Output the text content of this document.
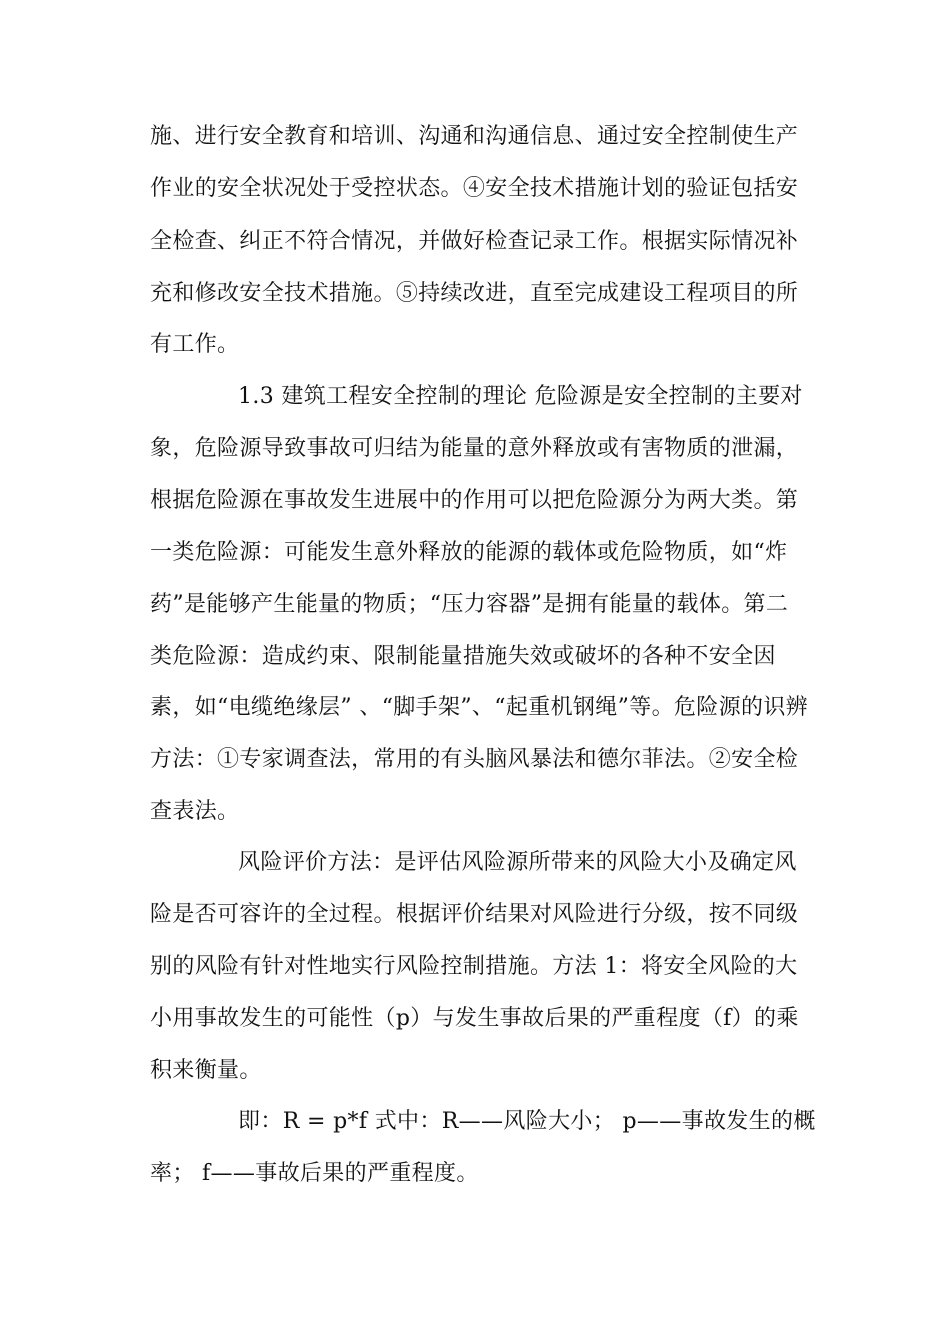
施、进行安全教育和培训、沟通和沟通信息、通过安全控制使生产
作业的安全状况处于受控状态。④安全技术措施计划的验证包括安
全检查、纠正不符合情况，并做好检查记录工作。根据实际情况补
充和修改安全技术措施。⑤持续改进，直至完成建设工程项目的所
有工作。
1.3 建筑工程安全控制的理论 危险源是安全控制的主要对
象，危险源导致事故可归结为能量的意外释放或有害物质的泄漏，
根据危险源在事故发生进展中的作用可以把危险源分为两大类。第
一类危险源：可能发生意外释放的能源的载体或危险物质，如“炸
药”是能够产生能量的物质；“压力容器”是拥有能量的载体。第二
类危险源：造成约束、限制能量措施失效或破坏的各种不安全因
素，如“电缆绝缘层” 、“脚手架”、“起重机钢绳”等。危险源的识辨
方法：①专家调查法，常用的有头脑风暴法和德尔菲法。②安全检
查表法。
风险评价方法：是评估风险源所带来的风险大小及确定风
险是否可容许的全过程。根据评价结果对风险进行分级，按不同级
别的风险有针对性地实行风险控制措施。方法 1：将安全风险的大
小用事故发生的可能性（p）与发生事故后果的严重程度（f）的乘
积来衡量。
即：R = p*f 式中：R——风险大小； p——事故发生的概
率； f——事故后果的严重程度。
